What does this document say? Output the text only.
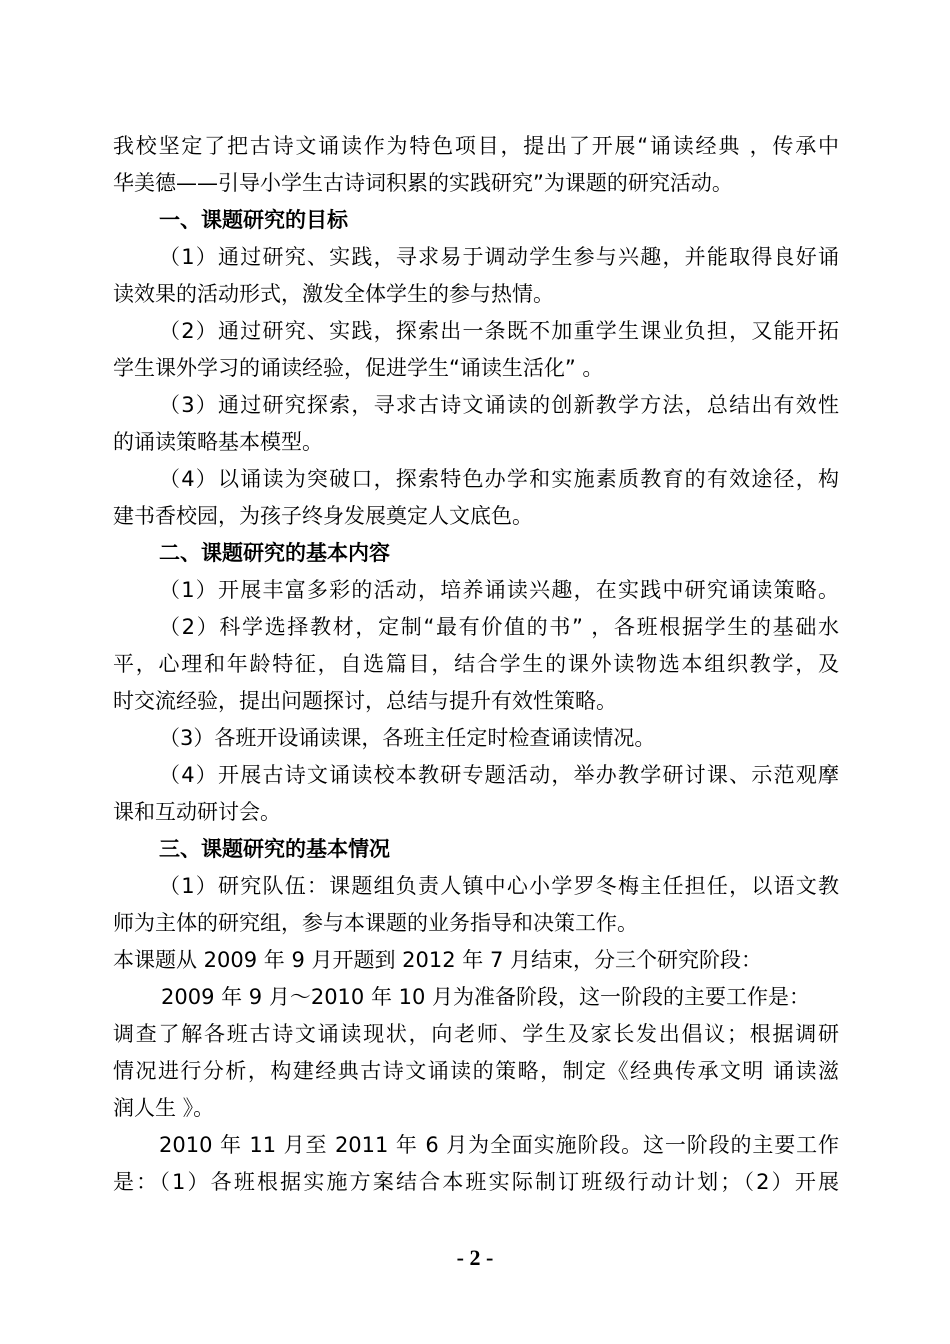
我校坚定了把古诗文诵读作为特色项目，提出了开展“诵读经典 ，传承中
华美德——引导小学生古诗词积累的实践研究”为课题的研究活动。
一、课题研究的目标
（1）通过研究、实践，寻求易于调动学生参与兴趣，并能取得良好诵
读效果的活动形式，激发全体学生的参与热情。
（2）通过研究、实践，探索出一条既不加重学生课业负担，又能开拓
学生课外学习的诵读经验，促进学生“诵读生活化” 。
（3）通过研究探索，寻求古诗文诵读的创新教学方法，总结出有效性
的诵读策略基本模型。
（4）以诵读为突破口，探索特色办学和实施素质教育的有效途径，构
建书香校园，为孩子终身发展奠定人文底色。
二、课题研究的基本内容
（1）开展丰富多彩的活动，培养诵读兴趣，在实践中研究诵读策略。
（2）科学选择教材，定制“最有价值的书” ，各班根据学生的基础水
平，心理和年龄特征，自选篇目，结合学生的课外读物选本组织教学，及
时交流经验，提出问题探讨，总结与提升有效性策略。
（3）各班开设诵读课，各班主任定时检查诵读情况。
（4）开展古诗文诵读校本教研专题活动，举办教学研讨课、示范观摩
课和互动研讨会。
三、课题研究的基本情况
（1）研究队伍：课题组负责人镇中心小学罗冬梅主任担任，以语文教
师为主体的研究组，参与本课题的业务指导和决策工作。
本课题从 2009 年 9 月开题到 2012 年 7 月结束，分三个研究阶段：
2009 年 9 月～2010 年 10 月为准备阶段，这一阶段的主要工作是：
调查了解各班古诗文诵读现状，向老师、学生及家长发出倡议；根据调研
情况进行分析，构建经典古诗文诵读的策略，制定《经典传承文明 诵读滋
润人生 》。
2010 年 11 月至 2011 年 6 月为全面实施阶段。这一阶段的主要工作
是：（1）各班根据实施方案结合本班实际制订班级行动计划；（2）开展
- 2 -
